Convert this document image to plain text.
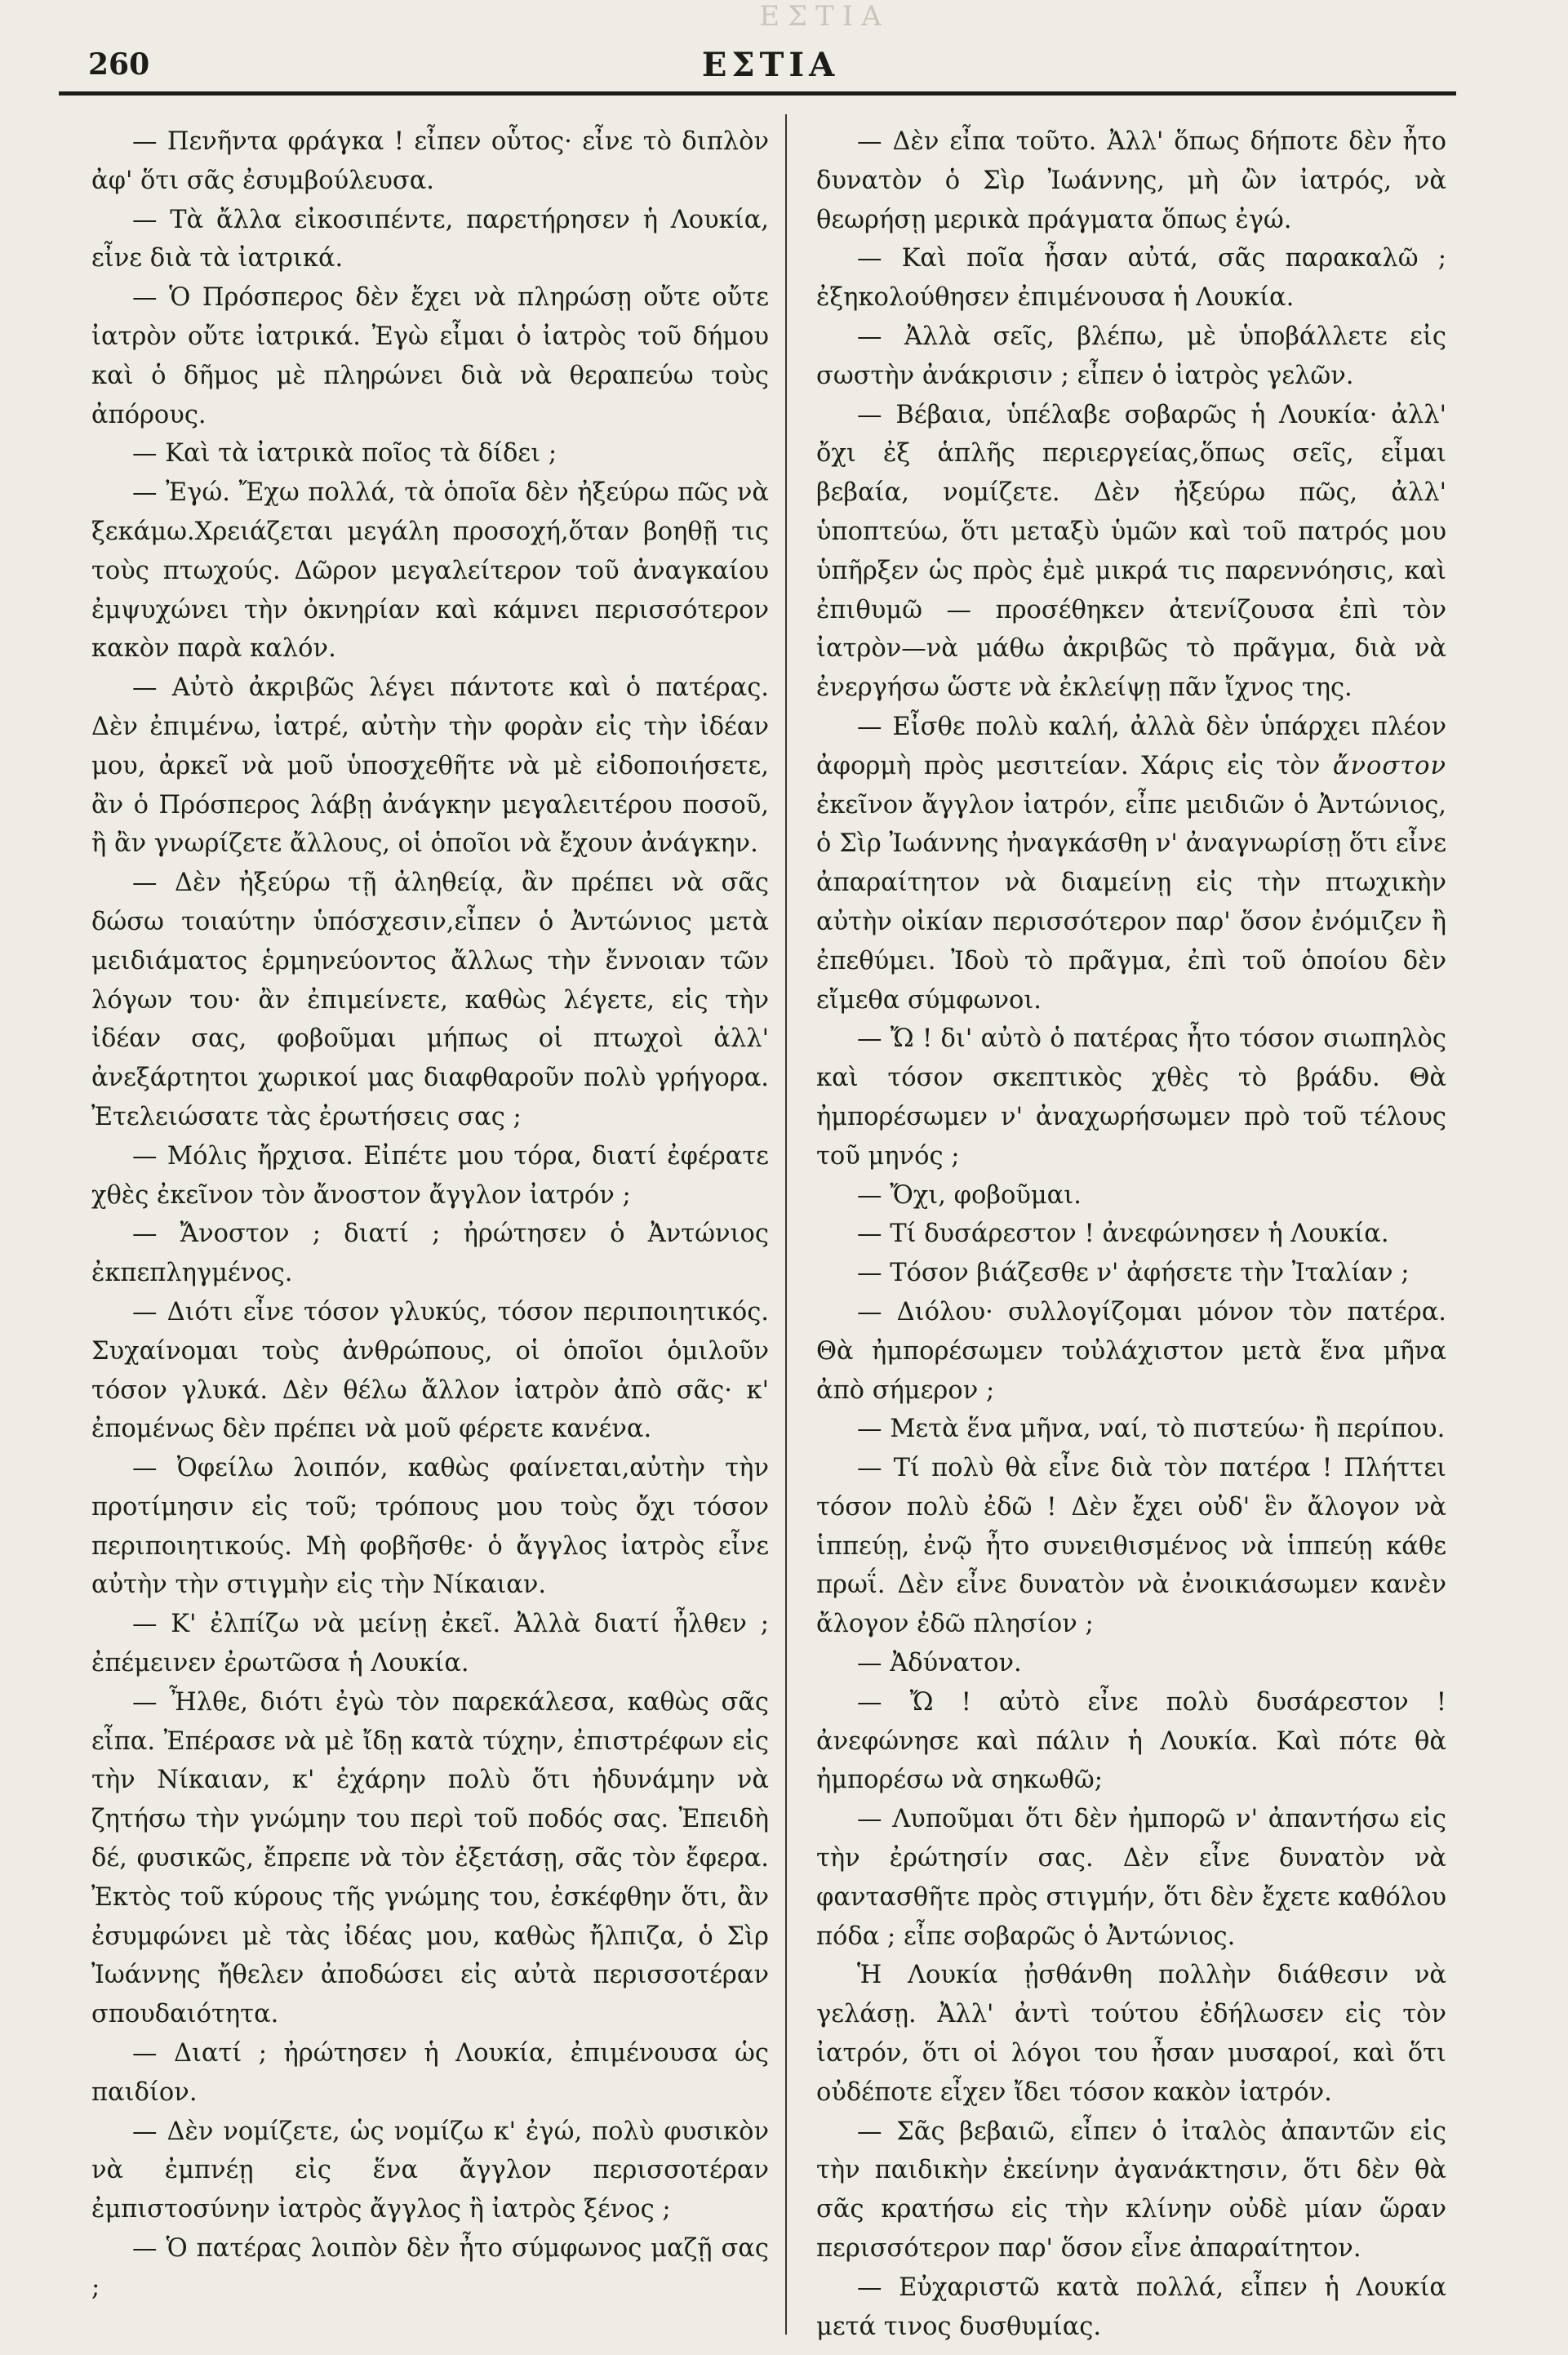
ΕΣΤΙΑ
260	ΕΣΤΙΑ

— Πενῆντα φράγκα ! εἶπεν οὗτος· εἶνε τὸ διπλὸν ἀφ' ὅτι σᾶς ἐσυμβούλευσα.

— Τὰ ἄλλα εἰκοσιπέντε, παρετήρησεν ἡ Λουκία, εἶνε διὰ τὰ ἰατρικά.

— Ὁ Πρόσπερος δὲν ἔχει νὰ πληρώσῃ οὔτε οὔτε ἰατρὸν οὔτε ἰατρικά. Ἐγὼ εἶμαι ὁ ἰατρὸς τοῦ δήμου καὶ ὁ δῆμος μὲ πληρώνει διὰ νὰ θεραπεύω τοὺς ἀπόρους.

— Καὶ τὰ ἰατρικὰ ποῖος τὰ δίδει ;

— Ἐγώ. Ἔχω πολλά, τὰ ὁποῖα δὲν ἠξεύρω πῶς νὰ ξεκάμω.Χρειάζεται μεγάλη προσοχή,ὅταν βοηθῇ τις τοὺς πτωχούς. Δῶρον μεγαλείτερον τοῦ ἀναγκαίου ἐμψυχώνει τὴν ὀκνηρίαν καὶ κάμνει περισσότερον κακὸν παρὰ καλόν.

— Αὐτὸ ἀκριβῶς λέγει πάντοτε καὶ ὁ πατέρας. Δὲν ἐπιμένω, ἰατρέ, αὐτὴν τὴν φορὰν εἰς τὴν ἰδέαν μου, ἀρκεῖ νὰ μοῦ ὑποσχεθῆτε νὰ μὲ εἰδοποιήσετε, ἂν ὁ Πρόσπερος λάβῃ ἀνάγκην μεγαλειτέρου ποσοῦ, ἢ ἂν γνωρίζετε ἄλλους, οἱ ὁποῖοι νὰ ἔχουν ἀνάγκην.

— Δὲν ἠξεύρω τῇ ἀληθείᾳ, ἂν πρέπει νὰ σᾶς δώσω τοιαύτην ὑπόσχεσιν,εἶπεν ὁ Ἀντώνιος μετὰ μειδιάματος ἑρμηνεύοντος ἄλλως τὴν ἔννοιαν τῶν λόγων του· ἂν ἐπιμείνετε, καθὼς λέγετε, εἰς τὴν ἰδέαν σας, φοβοῦμαι μήπως οἱ πτωχοὶ ἀλλ' ἀνεξάρτητοι χωρικοί μας διαφθαροῦν πολὺ γρήγορα. Ἐτελειώσατε τὰς ἐρωτήσεις σας ;

— Μόλις ἤρχισα. Εἰπέτε μου τόρα, διατί ἐφέρατε χθὲς ἐκεῖνον τὸν ἄνοστον ἄγγλον ἰατρόν ;

— Ἄνοστον ; διατί ; ἠρώτησεν ὁ Ἀντώνιος ἐκπεπληγμένος.

— Διότι εἶνε τόσον γλυκύς, τόσον περιποιητικός. Συχαίνομαι τοὺς ἀνθρώπους, οἱ ὁποῖοι ὁμιλοῦν τόσον γλυκά. Δὲν θέλω ἄλλον ἰατρὸν ἀπὸ σᾶς· κ' ἐπομένως δὲν πρέπει νὰ μοῦ φέρετε κανένα.

— Ὀφείλω λοιπόν, καθὼς φαίνεται,αὐτὴν τὴν προτίμησιν εἰς τοῦ; τρόπους μου τοὺς ὄχι τόσον περιποιητικούς. Μὴ φοβῆσθε· ὁ ἄγγλος ἰατρὸς εἶνε αὐτὴν τὴν στιγμὴν εἰς τὴν Νίκαιαν.

— Κ' ἐλπίζω νὰ μείνῃ ἐκεῖ. Ἀλλὰ διατί ἦλθεν ; ἐπέμεινεν ἐρωτῶσα ἡ Λουκία.

— Ἦλθε, διότι ἐγὼ τὸν παρεκάλεσα, καθὼς σᾶς εἶπα. Ἐπέρασε νὰ μὲ ἴδῃ κατὰ τύχην, ἐπιστρέφων εἰς τὴν Νίκαιαν, κ' ἐχάρην πολὺ ὅτι ἠδυνάμην νὰ ζητήσω τὴν γνώμην του περὶ τοῦ ποδός σας. Ἐπειδὴ δέ, φυσικῶς, ἔπρεπε νὰ τὸν ἐξετάσῃ, σᾶς τὸν ἔφερα. Ἐκτὸς τοῦ κύρους τῆς γνώμης του, ἐσκέφθην ὅτι, ἂν ἐσυμφώνει μὲ τὰς ἰδέας μου, καθὼς ἤλπιζα, ὁ Σὶρ Ἰωάννης ἤθελεν ἀποδώσει εἰς αὐτὰ περισσοτέραν σπουδαιότητα.

— Διατί ; ἠρώτησεν ἡ Λουκία, ἐπιμένουσα ὡς παιδίον.

— Δὲν νομίζετε, ὡς νομίζω κ' ἐγώ, πολὺ φυσικὸν νὰ ἐμπνέῃ εἰς ἕνα ἄγγλον περισσοτέραν ἐμπιστοσύνην ἰατρὸς ἄγγλος ἢ ἰατρὸς ξένος ;

— Ὁ πατέρας λοιπὸν δὲν ἦτο σύμφωνος μαζῇ σας ;

— Δὲν εἶπα τοῦτο. Ἀλλ' ὅπως δήποτε δὲν ἦτο δυνατὸν ὁ Σὶρ Ἰωάννης, μὴ ὢν ἰατρός, νὰ θεωρήσῃ μερικὰ πράγματα ὅπως ἐγώ.

— Καὶ ποῖα ἦσαν αὐτά, σᾶς παρακαλῶ ; ἐξηκολούθησεν ἐπιμένουσα ἡ Λουκία.

— Ἀλλὰ σεῖς, βλέπω, μὲ ὑποβάλλετε εἰς σωστὴν ἀνάκρισιν ; εἶπεν ὁ ἰατρὸς γελῶν.

— Βέβαια, ὑπέλαβε σοβαρῶς ἡ Λουκία· ἀλλ' ὄχι ἐξ ἁπλῆς περιεργείας,ὅπως σεῖς, εἶμαι βεβαία, νομίζετε. Δὲν ἠξεύρω πῶς, ἀλλ' ὑποπτεύω, ὅτι μεταξὺ ὑμῶν καὶ τοῦ πατρός μου ὑπῆρξεν ὡς πρὸς ἐμὲ μικρά τις παρεννόησις, καὶ ἐπιθυμῶ — προσέθηκεν ἀτενίζουσα ἐπὶ τὸν ἰατρὸν—νὰ μάθω ἀκριβῶς τὸ πρᾶγμα, διὰ νὰ ἐνεργήσω ὥστε νὰ ἐκλείψῃ πᾶν ἴχνος της.

— Εἶσθε πολὺ καλή, ἀλλὰ δὲν ὑπάρχει πλέον ἀφορμὴ πρὸς μεσιτείαν. Χάρις εἰς τὸν ἄνοστον ἐκεῖνον ἄγγλον ἰατρόν, εἶπε μειδιῶν ὁ Ἀντώνιος, ὁ Σὶρ Ἰωάννης ἠναγκάσθη ν' ἀναγνωρίσῃ ὅτι εἶνε ἀπαραίτητον νὰ διαμείνῃ εἰς τὴν πτωχικὴν αὐτὴν οἰκίαν περισσότερον παρ' ὅσον ἐνόμιζεν ἢ ἐπεθύμει. Ἰδοὺ τὸ πρᾶγμα, ἐπὶ τοῦ ὁποίου δὲν εἴμεθα σύμφωνοι.

— Ὤ ! δι' αὐτὸ ὁ πατέρας ἦτο τόσον σιωπηλὸς καὶ τόσον σκεπτικὸς χθὲς τὸ βράδυ. Θὰ ἠμπορέσωμεν ν' ἀναχωρήσωμεν πρὸ τοῦ τέλους τοῦ μηνός ;

— Ὄχι, φοβοῦμαι.

— Τί δυσάρεστον ! ἀνεφώνησεν ἡ Λουκία.

— Τόσον βιάζεσθε ν' ἀφήσετε τὴν Ἰταλίαν ;

— Διόλου· συλλογίζομαι μόνον τὸν πατέρα. Θὰ ἠμπορέσωμεν τοὐλάχιστον μετὰ ἕνα μῆνα ἀπὸ σήμερον ;

— Μετὰ ἕνα μῆνα, ναί, τὸ πιστεύω· ἢ περίπου.

— Τί πολὺ θὰ εἶνε διὰ τὸν πατέρα ! Πλήττει τόσον πολὺ ἐδῶ ! Δὲν ἔχει οὐδ' ἓν ἄλογον νὰ ἱππεύῃ, ἐνῷ ἦτο συνειθισμένος νὰ ἱππεύῃ κάθε πρωΐ. Δὲν εἶνε δυνατὸν νὰ ἐνοικιάσωμεν κανὲν ἄλογον ἐδῶ πλησίον ;

— Ἀδύνατον.

— Ὤ ! αὐτὸ εἶνε πολὺ δυσάρεστον ! ἀνεφώνησε καὶ πάλιν ἡ Λουκία. Καὶ πότε θὰ ἠμπορέσω νὰ σηκωθῶ;

— Λυποῦμαι ὅτι δὲν ἠμπορῶ ν' ἀπαντήσω εἰς τὴν ἐρώτησίν σας. Δὲν εἶνε δυνατὸν νὰ φαντασθῆτε πρὸς στιγμήν, ὅτι δὲν ἔχετε καθόλου πόδα ; εἶπε σοβαρῶς ὁ Ἀντώνιος.

Ἡ Λουκία ᾐσθάνθη πολλὴν διάθεσιν νὰ γελάσῃ. Ἀλλ' ἀντὶ τούτου ἐδήλωσεν εἰς τὸν ἰατρόν, ὅτι οἱ λόγοι του ἦσαν μυσαροί, καὶ ὅτι οὐδέποτε εἶχεν ἴδει τόσον κακὸν ἰατρόν.

— Σᾶς βεβαιῶ, εἶπεν ὁ ἰταλὸς ἀπαντῶν εἰς τὴν παιδικὴν ἐκείνην ἀγανάκτησιν, ὅτι δὲν θὰ σᾶς κρατήσω εἰς τὴν κλίνην οὐδὲ μίαν ὥραν περισσότερον παρ' ὅσον εἶνε ἀπαραίτητον.

— Εὐχαριστῶ κατὰ πολλά, εἶπεν ἡ Λουκία μετά τινος δυσθυμίας.
